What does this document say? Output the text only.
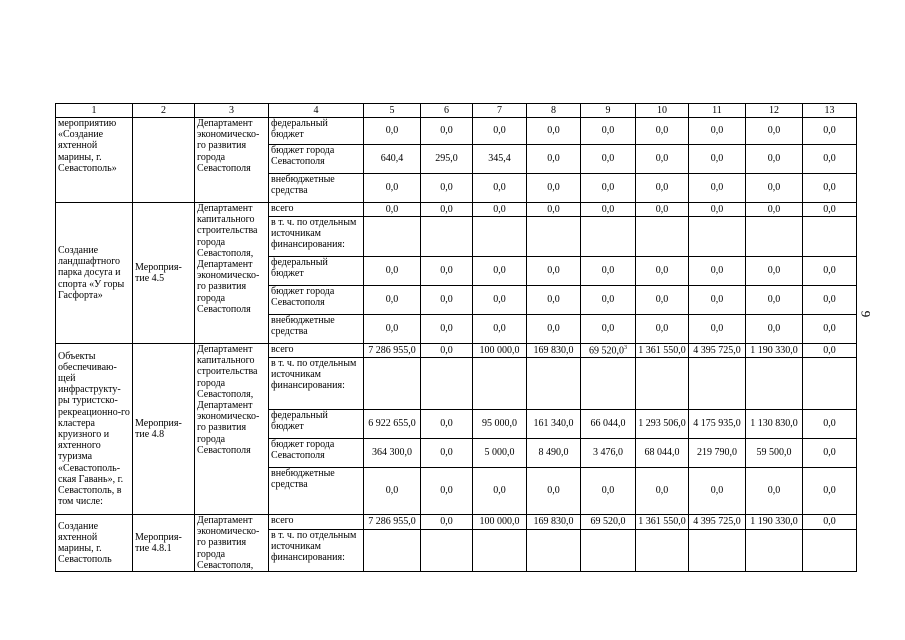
1	2	3	4	5	6	7	8	9	10	11	12	13
мероприятию «Создание яхтенной марины, г. Севастополь»		Департамент экономическо-го развития города Севастополя	федеральный бюджет	0,0	0,0	0,0	0,0	0,0	0,0	0,0	0,0	0,0
			бюджет города Севастополя	640,4	295,0	345,4	0,0	0,0	0,0	0,0	0,0	0,0
			внебюджетные средства	0,0	0,0	0,0	0,0	0,0	0,0	0,0	0,0	0,0
Создание ландшафтного парка досуга и спорта «У горы Гасфорта»	Мероприя-тие 4.5	Департамент капитального строительства города Севастополя, Департамент экономическо-го развития города Севастополя	всего	0,0	0,0	0,0	0,0	0,0	0,0	0,0	0,0	0,0
			в т. ч. по отдельным источникам финансирования:									
			федеральный бюджет	0,0	0,0	0,0	0,0	0,0	0,0	0,0	0,0	0,0
			бюджет города Севастополя	0,0	0,0	0,0	0,0	0,0	0,0	0,0	0,0	0,0
			внебюджетные средства	0,0	0,0	0,0	0,0	0,0	0,0	0,0	0,0	0,0
Объекты обеспечиваю-щей инфраструкту-ры туристско-рекреационно-го кластера круизного и яхтенного туризма «Севастополь-ская Гавань», г. Севастополь, в том числе:	Мероприя-тие 4.8	Департамент капитального строительства города Севастополя, Департамент экономическо-го развития города Севастополя	всего	7 286 955,0	0,0	100 000,0	169 830,0	69 520,0$^3$	1 361 550,0	4 395 725,0	1 190 330,0	0,0
			в т. ч. по отдельным источникам финансирования:									
			федеральный бюджет	6 922 655,0	0,0	95 000,0	161 340,0	66 044,0	1 293 506,0	4 175 935,0	1 130 830,0	0,0
			бюджет города Севастополя	364 300,0	0,0	5 000,0	8 490,0	3 476,0	68 044,0	219 790,0	59 500,0	0,0
			внебюджетные средства	0,0	0,0	0,0	0,0	0,0	0,0	0,0	0,0	0,0
Создание яхтенной марины, г. Севастополь	Мероприя-тие 4.8.1	Департамент экономическо-го развития города Севастополя,	всего	7 286 955,0	0,0	100 000,0	169 830,0	69 520,0	1 361 550,0	4 395 725,0	1 190 330,0	0,0
			в т. ч. по отдельным источникам финансирования:									
9
